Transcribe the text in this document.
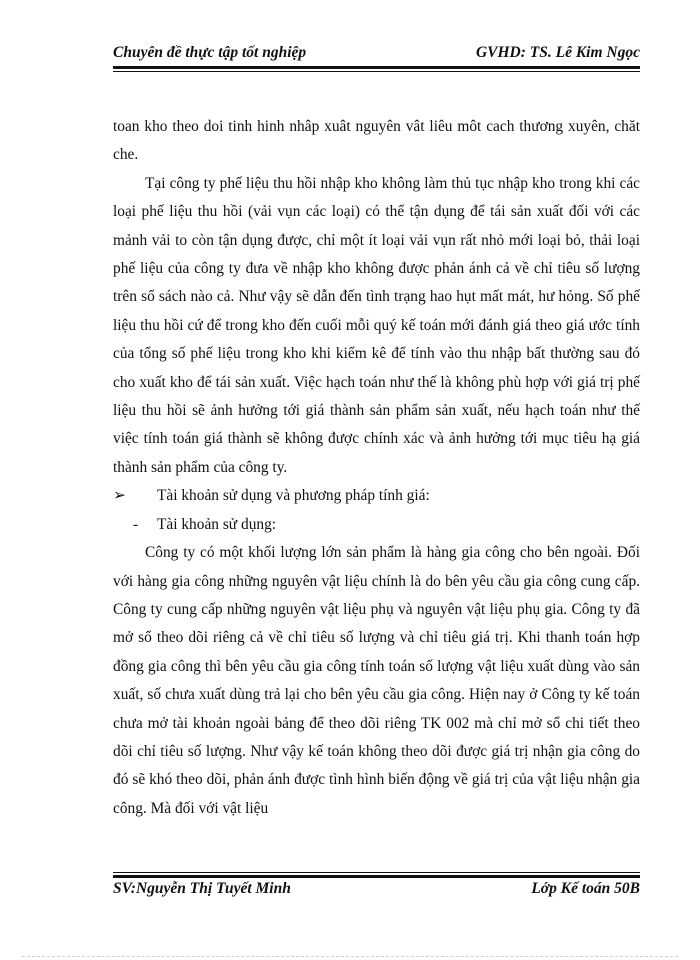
Chuyên đề thực tập tốt nghiệp	GVHD: TS. Lê Kim Ngọc

toan kho theo doi tinh hinh nhâp xuât nguyên vât liêu môt cach thương xuyên, chăt che.

Tại công ty phế liệu thu hồi nhập kho không làm thủ tục nhập kho trong khi các loại phế liệu thu hồi (vải vụn các loại) có thể tận dụng để tái sản xuất đối với các mảnh vải to còn tận dụng được, chỉ một ít loại vải vụn rất nhỏ mới loại bỏ, thải loại phế liệu của công ty đưa về nhập kho không được phản ánh cả về chỉ tiêu số lượng trên sổ sách nào cả. Như vậy sẽ dẫn đến tình trạng hao hụt mất mát, hư hỏng. Số phế liệu thu hồi cứ để trong kho đến cuối mỗi quý kế toán mới đánh giá theo giá ước tính của tổng số phế liệu trong kho khi kiểm kê để tính vào thu nhập bất thường sau đó cho xuất kho để tái sản xuất. Việc hạch toán như thế là không phù hợp với giá trị phế liệu thu hồi sẽ ảnh hưởng tới giá thành sản phẩm sản xuất, nếu hạch toán như thế việc tính toán giá thành sẽ không được chính xác và ảnh hưởng tới mục tiêu hạ giá thành sản phẩm của công ty.

➢	Tài khoản sử dụng và phương pháp tính giá:
-	Tài khoản sử dụng:

Công ty có một khối lượng lớn sản phẩm là hàng gia công cho bên ngoài. Đối với hàng gia công những nguyên vật liệu chính là do bên yêu cầu gia công cung cấp. Công ty cung cấp những nguyên vật liệu phụ và nguyên vật liệu phụ gia. Công ty đã mở sổ theo dõi riêng cả về chỉ tiêu số lượng và chỉ tiêu giá trị. Khi thanh toán hợp đồng gia công thì bên yêu cầu gia công tính toán số lượng vật liệu xuất dùng vào sản xuất, số chưa xuất dùng trả lại cho bên yêu cầu gia công. Hiện nay ở Công ty kế toán chưa mở tài khoản ngoài bảng để theo dõi riêng TK 002 mà chỉ mở sổ chi tiết theo dõi chỉ tiêu số lượng. Như vậy kế toán không theo dõi được giá trị nhận gia công do đó sẽ khó theo dõi, phản ánh được tình hình biến động về giá trị của vật liệu nhận gia công. Mà đối với vật liệu

SV:Nguyễn Thị Tuyết Minh	Lớp Kế toán 50B
